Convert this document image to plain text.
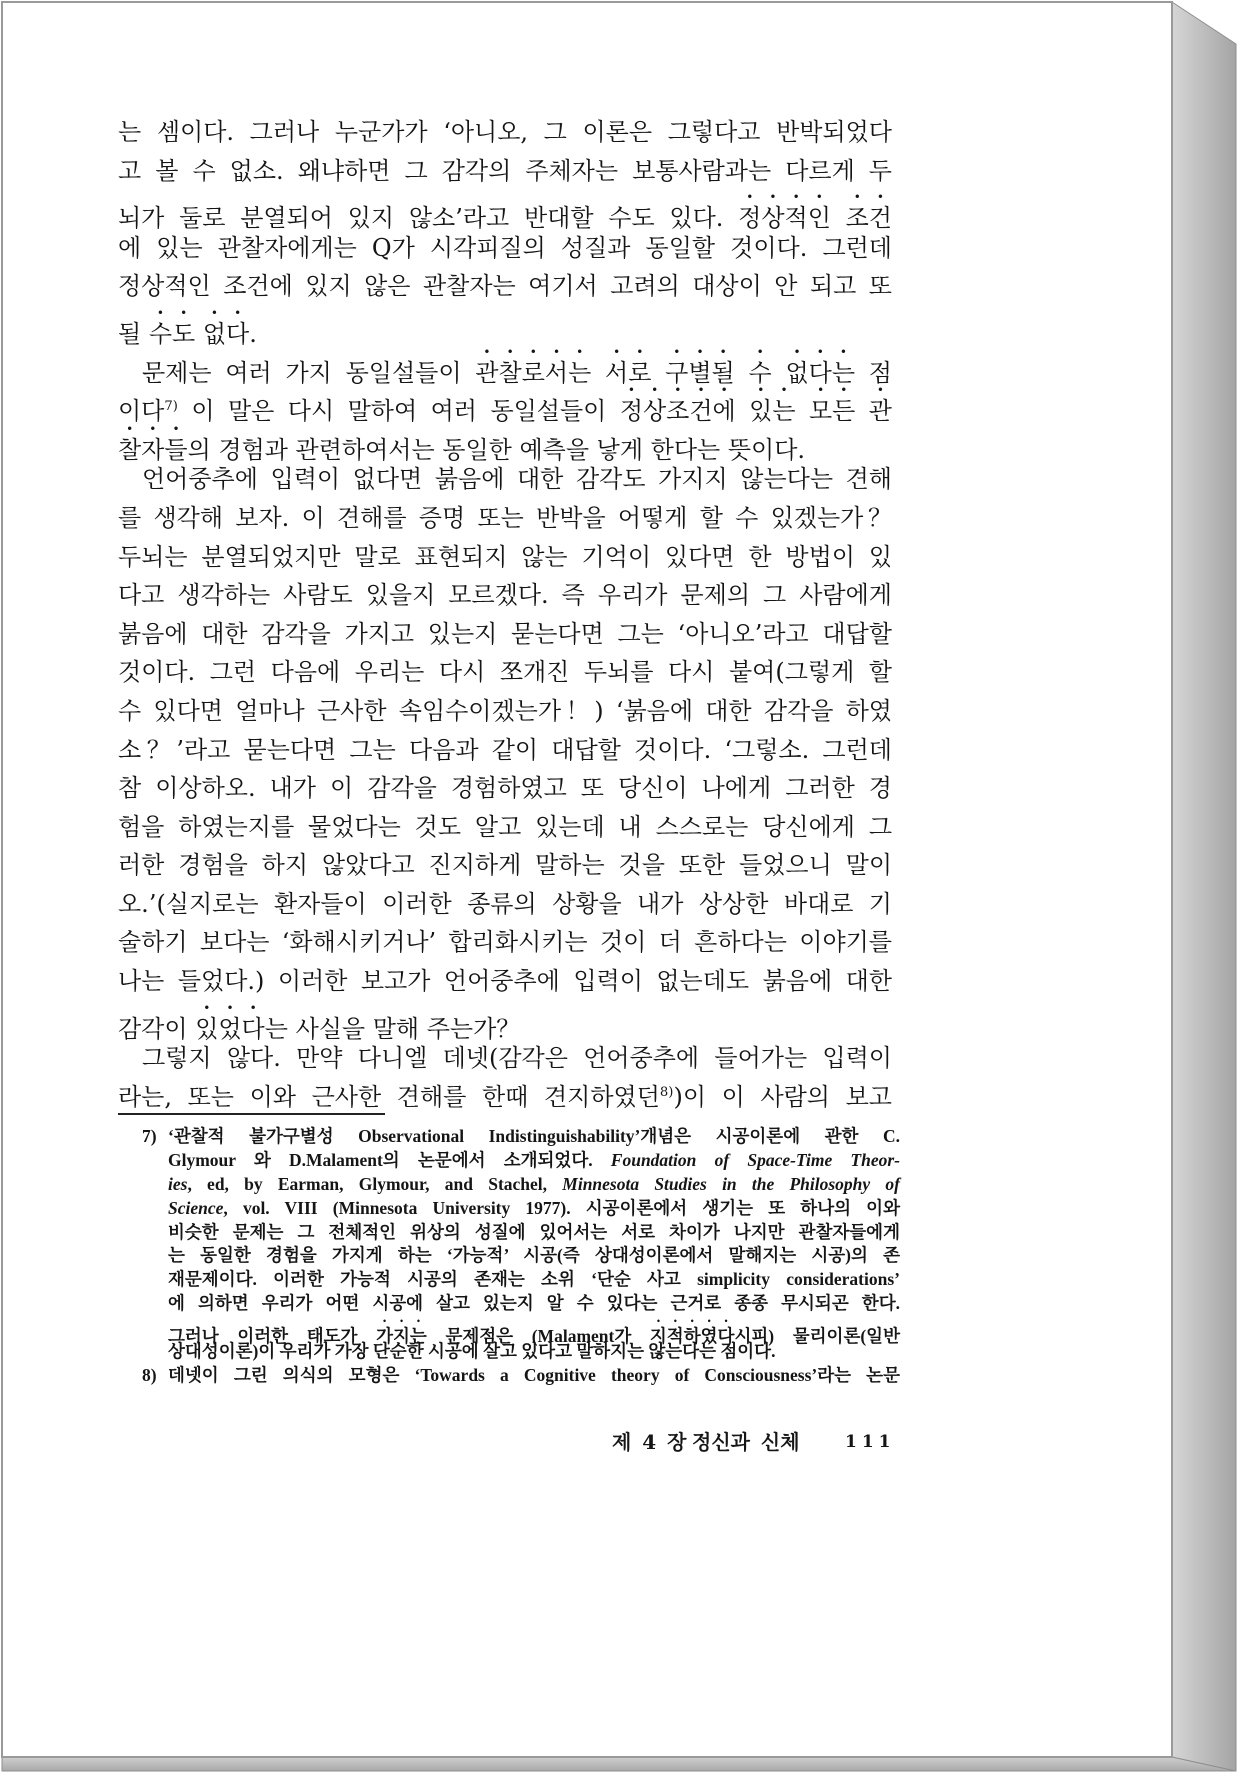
는 셈이다. 그러나 누군가가 ‘아니오, 그 이론은 그렇다고 반박되었다
고 볼 수 없소. 왜냐하면 그 감각의 주체자는 보통사람과는 다르게 두
뇌가 둘로 분열되어 있지 않소’라고 반대할 수도 있다. 정상적인 조건
에 있는 관찰자에게는 Q가 시각피질의 성질과 동일할 것이다. 그런데
정상적인 조건에 있지 않은 관찰자는 여기서 고려의 대상이 안 되고 또
될 수도 없다.
문제는 여러 가지 동일설들이 관찰로서는 서로 구별될 수 없다는 점
이다$^{7)}$ 이 말은 다시 말하여 여러 동일설들이 정상조건에 있는 모든 관
찰자들의 경험과 관련하여서는 동일한 예측을 낳게 한다는 뜻이다.
언어중추에 입력이 없다면 붉음에 대한 감각도 가지지 않는다는 견해
를 생각해 보자. 이 견해를 증명 또는 반박을 어떻게 할 수 있겠는가？
두뇌는 분열되었지만 말로 표현되지 않는 기억이 있다면 한 방법이 있
다고 생각하는 사람도 있을지 모르겠다. 즉 우리가 문제의 그 사람에게
붉음에 대한 감각을 가지고 있는지 묻는다면 그는 ‘아니오’라고 대답할
것이다. 그런 다음에 우리는 다시 쪼개진 두뇌를 다시 붙여(그렇게 할
수 있다면 얼마나 근사한 속임수이겠는가！) ‘붉음에 대한 감각을 하였
소？’라고 묻는다면 그는 다음과 같이 대답할 것이다. ‘그렇소. 그런데
참 이상하오. 내가 이 감각을 경험하였고 또 당신이 나에게 그러한 경
험을 하였는지를 물었다는 것도 알고 있는데 내 스스로는 당신에게 그
러한 경험을 하지 않았다고 진지하게 말하는 것을 또한 들었으니 말이
오.’(실지로는 환자들이 이러한 종류의 상황을 내가 상상한 바대로 기
술하기 보다는 ‘화해시키거나’ 합리화시키는 것이 더 흔하다는 이야기를
나는 들었다.) 이러한 보고가 언어중추에 입력이 없는데도 붉음에 대한
감각이 있었다는 사실을 말해 주는가？
그렇지 않다. 만약 다니엘 데넷(감각은 언어중추에 들어가는 입력이
라는, 또는 이와 근사한 견해를 한때 견지하였던$^{8)}$)이 이 사람의 보고
7) ‘관찰적 불가구별성 Observational Indistinguishability’개념은 시공이론에 관한 C.
Glymour 와 D.Malament의 논문에서 소개되었다. Foundation of Space-Time Theor-
ies, ed, by Earman, Glymour, and Stachel, Minnesota Studies in the Philosophy of
Science, vol. VIII (Minnesota University 1977). 시공이론에서 생기는 또 하나의 이와
비슷한 문제는 그 전체적인 위상의 성질에 있어서는 서로 차이가 나지만 관찰자들에게
는 동일한 경험을 가지게 하는 ‘가능적’ 시공(즉 상대성이론에서 말해지는 시공)의 존
재문제이다. 이러한 가능적 시공의 존재는 소위 ‘단순 사고 simplicity considerations’
에 의하면 우리가 어떤 시공에 살고 있는지 알 수 있다는 근거로 종종 무시되곤 한다.
그러나 이러한 태도가 가지는 문제점은 (Malament가 지적하였다시피) 물리이론(일반
상대성이론)이 우리가 가장 단순한 시공에 살고 있다고 말하지는 않는다는 점이다.
8) 데넷이 그린 의식의 모형은 ‘Towards a Cognitive theory of Consciousness’라는 논문
제 4 장 정신과 신체	111
